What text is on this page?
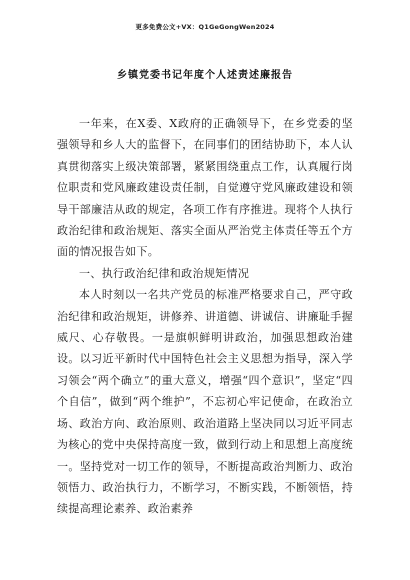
更多免费公文+VX：Q1GeGongWen2024
乡镇党委书记年度个人述责述廉报告

一年来，在X委、X政府的正确领导下，在乡党委的坚强领导和乡人大的监督下，在同事们的团结协助下，本人认真贯彻落实上级决策部署，紧紧围绕重点工作，认真履行岗位职责和党风廉政建设责任制，自觉遵守党风廉政建设和领导干部廉洁从政的规定，各项工作有序推进。现将个人执行政治纪律和政治规矩、落实全面从严治党主体责任等五个方面的情况报告如下。

一、执行政治纪律和政治规矩情况

本人时刻以一名共产党员的标准严格要求自己，严守政治纪律和政治规矩，讲修养、讲道德、讲诚信、讲廉耻手握威尺、心存敬畏。一是旗帜鲜明讲政治，加强思想政治建设。以习近平新时代中国特色社会主义思想为指导，深入学习领会“两个确立”的重大意义，增强“四个意识”，坚定“四个自信”，做到“两个维护”，不忘初心牢记使命，在政治立场、政治方向、政治原则、政治道路上坚决同以习近平同志为核心的党中央保持高度一致，做到行动上和思想上高度统一。坚持党对一切工作的领导，不断提高政治判断力、政治领悟力、政治执行力，不断学习，不断实践，不断领悟，持续提高理论素养、政治素养
